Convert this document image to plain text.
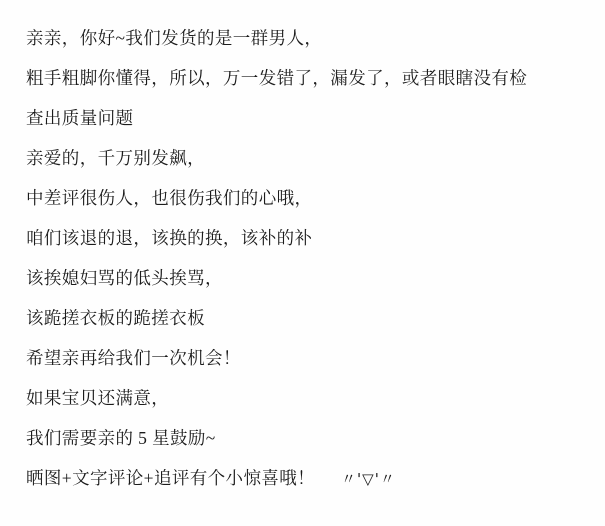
亲亲，你好~我们发货的是一群男人，
粗手粗脚你懂得，所以，万一发错了，漏发了，或者眼瞎没有检
查出质量问题
亲爱的，千万别发飙，
中差评很伤人，也很伤我们的心哦，
咱们该退的退，该换的换，该补的补
该挨媳妇骂的低头挨骂，
该跪搓衣板的跪搓衣板
希望亲再给我们一次机会！
如果宝贝还满意，
我们需要亲的 5 星鼓励~
晒图+文字评论+追评有个小惊喜哦！ 〃'▽'〃
